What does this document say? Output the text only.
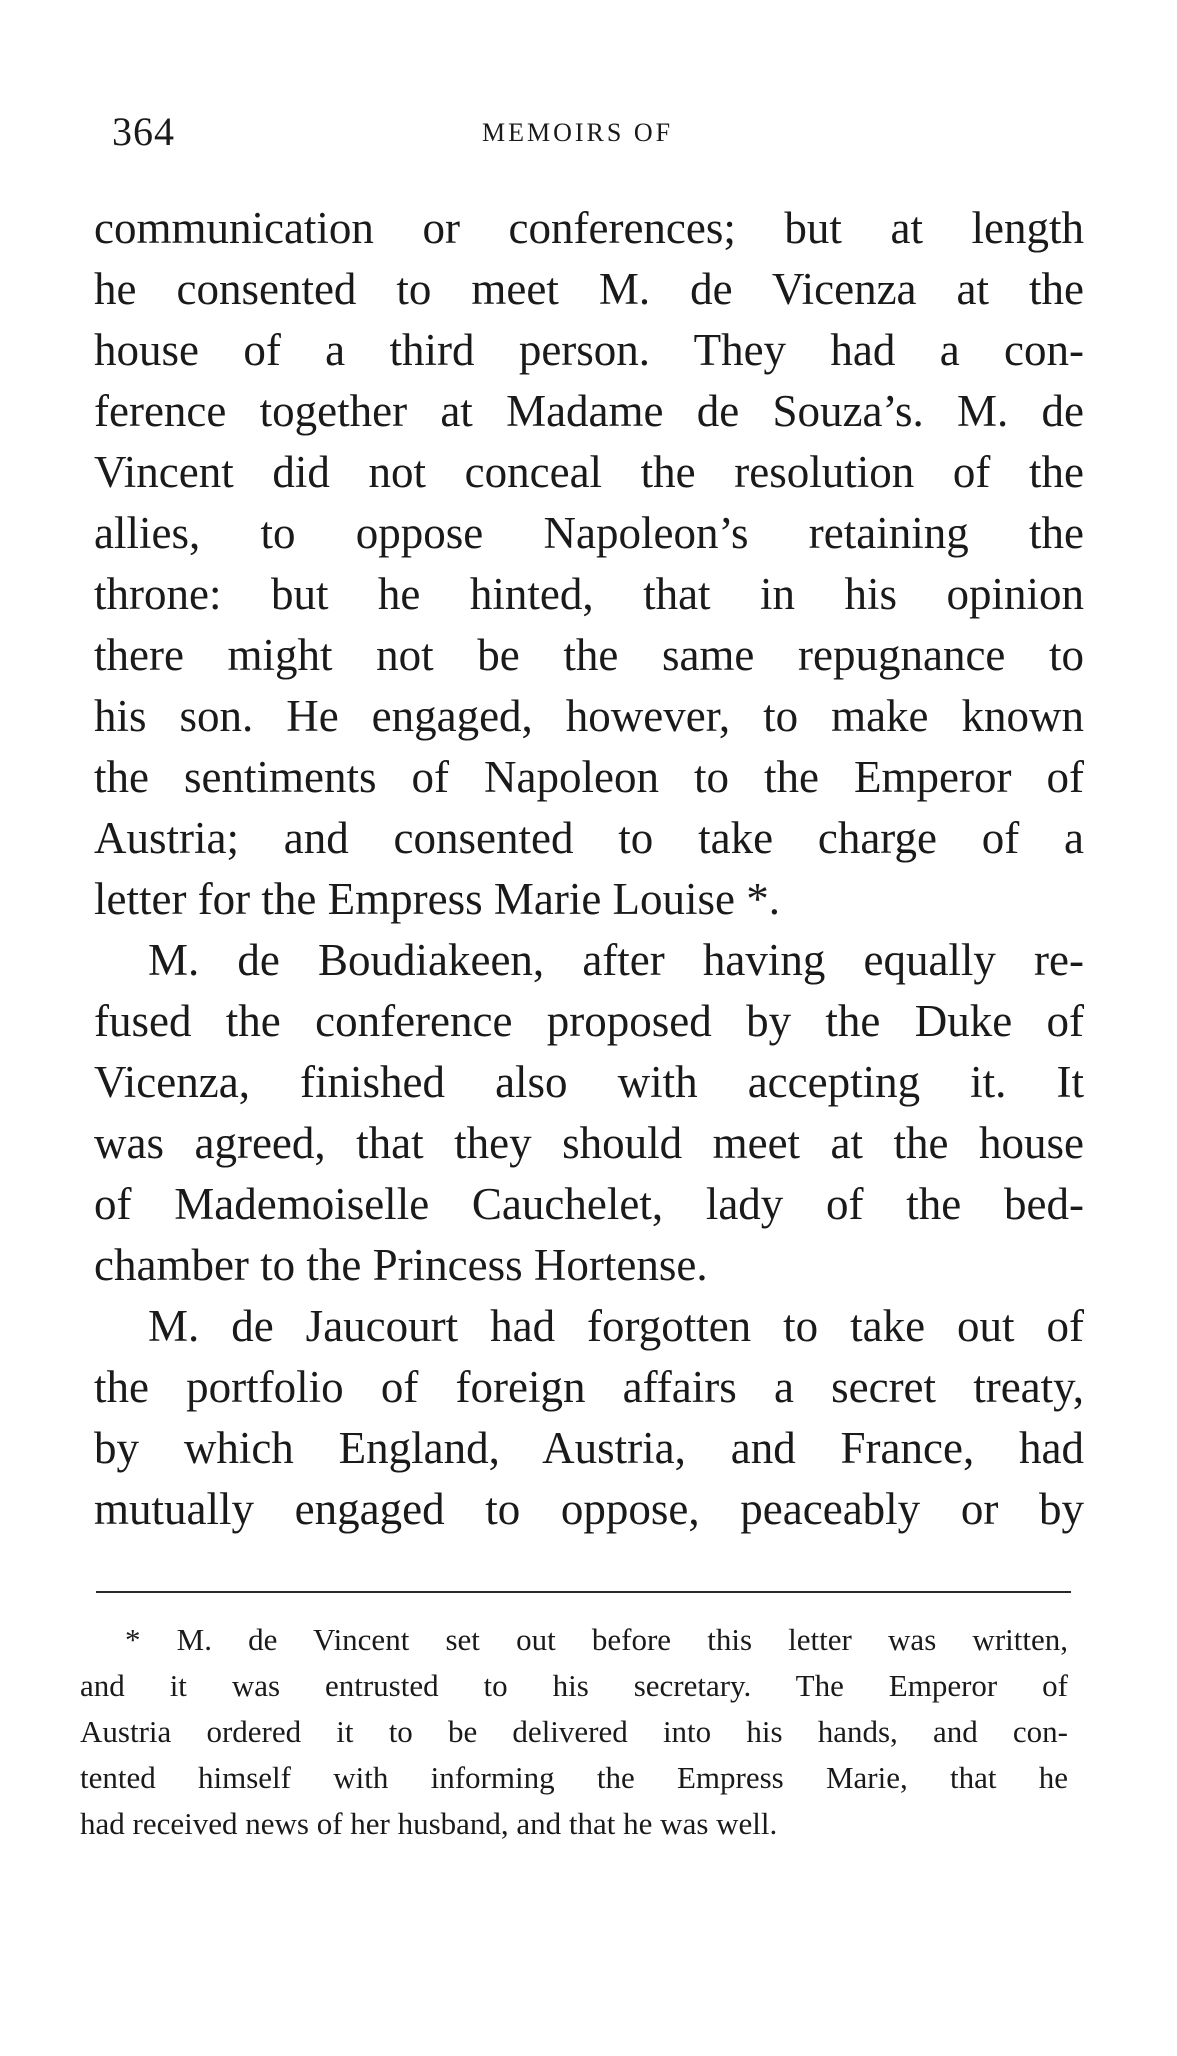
364	MEMOIRS OF
communication or conferences; but at length
he consented to meet M. de Vicenza at the
house of a third person. They had a con-
ference together at Madame de Souza’s. M. de
Vincent did not conceal the resolution of the
allies, to oppose Napoleon’s retaining the
throne: but he hinted, that in his opinion
there might not be the same repugnance to
his son. He engaged, however, to make known
the sentiments of Napoleon to the Emperor of
Austria; and consented to take charge of a
letter for the Empress Marie Louise *.
M. de Boudiakeen, after having equally re-
fused the conference proposed by the Duke of
Vicenza, finished also with accepting it. It
was agreed, that they should meet at the house
of Mademoiselle Cauchelet, lady of the bed-
chamber to the Princess Hortense.
M. de Jaucourt had forgotten to take out of
the portfolio of foreign affairs a secret treaty,
by which England, Austria, and France, had
mutually engaged to oppose, peaceably or by
* M. de Vincent set out before this letter was written,
and it was entrusted to his secretary. The Emperor of
Austria ordered it to be delivered into his hands, and con-
tented himself with informing the Empress Marie, that he
had received news of her husband, and that he was well.
